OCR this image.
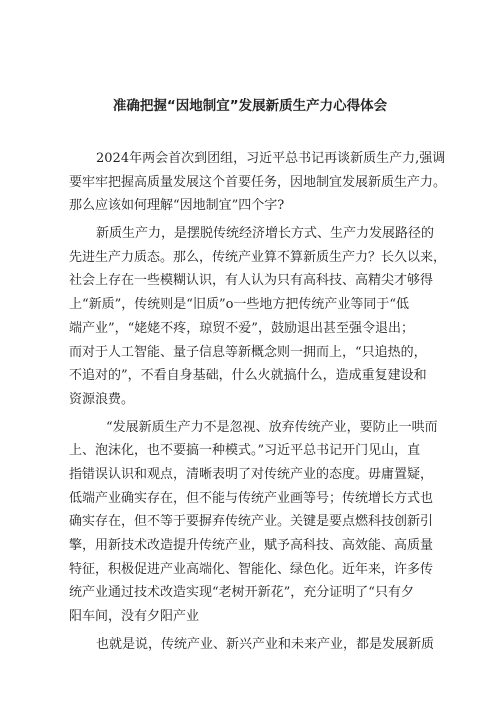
准确把握“因地制宜”发展新质生产力心得体会
2024年两会首次到团组，习近平总书记再谈新质生产力,强调
要牢牢把握高质量发展这个首要任务，因地制宜发展新质生产力。
那么应该如何理解“因地制宜”四个字?
新质生产力，是摆脱传统经济增长方式、生产力发展路径的
先进生产力质态。那么，传统产业算不算新质生产力？长久以来，
社会上存在一些模糊认识，有人认为只有高科技、高精尖才够得
上“新质”，传统则是“旧质”o一些地方把传统产业等同于“低
端产业”，“姥姥不疼，琼贸不爱”，鼓励退出甚至强令退出；
而对于人工智能、量子信息等新概念则一拥而上，“只追热的，
不追对的”，不看自身基础，什么火就搞什么，造成重复建设和
资源浪费。
“发展新质生产力不是忽视、放弃传统产业，要防止一哄而
上、泡沫化，也不要搞一种模式。”习近平总书记开门见山，直
指错误认识和观点，清晰表明了对传统产业的态度。毋庸置疑，
低端产业确实存在，但不能与传统产业画等号；传统增长方式也
确实存在，但不等于要摒弃传统产业。关键是要点燃科技创新引
擎，用新技术改造提升传统产业，赋予高科技、高效能、高质量
特征，积极促进产业高端化、智能化、绿色化。近年来，许多传
统产业通过技术改造实现“老树开新花”，充分证明了“只有夕
阳车间，没有夕阳产业
也就是说，传统产业、新兴产业和未来产业，都是发展新质
